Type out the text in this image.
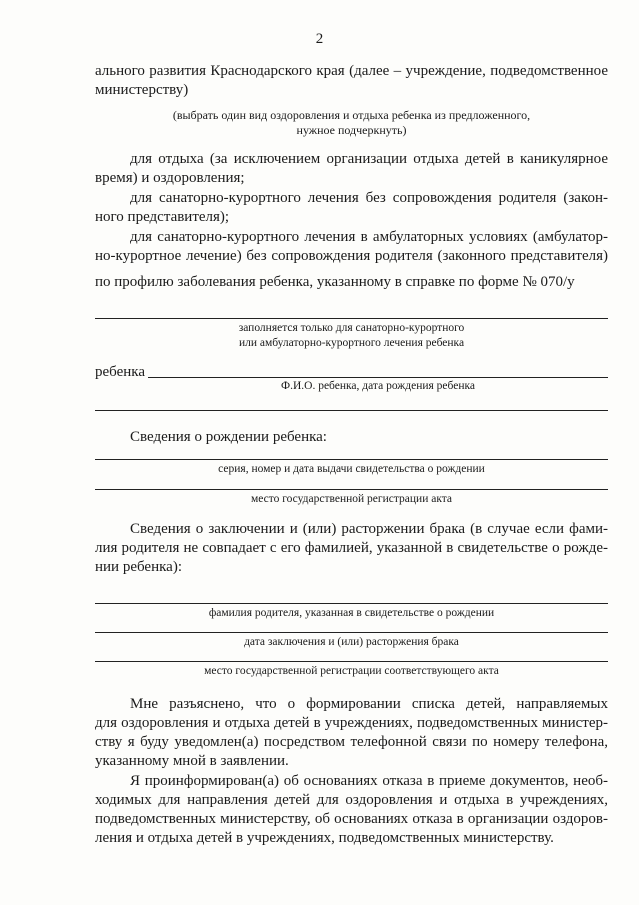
2
ального развития Краснодарского края (далее – учреждение, подведомственное
министерству)
(выбрать один вид оздоровления и отдыха ребенка из предложенного,
нужное подчеркнуть)
для отдыха (за исключением организации отдыха детей в каникулярное
время) и оздоровления;
для санаторно-курортного лечения без сопровождения родителя (закон-
ного представителя);
для санаторно-курортного лечения в амбулаторных условиях (амбулатор-
но-курортное лечение) без сопровождения родителя (законного представителя)
по профилю заболевания ребенка, указанному в справке по форме № 070/у
заполняется только для санаторно-курортного
или амбулаторно-курортного лечения ребенка
ребенка
Ф.И.О. ребенка, дата рождения ребенка
Сведения о рождении ребенка:
серия, номер и дата выдачи свидетельства о рождении
место государственной регистрации акта
Сведения о заключении и (или) расторжении брака (в случае если фами-
лия родителя не совпадает с его фамилией, указанной в свидетельстве о рожде-
нии ребенка):
фамилия родителя, указанная в свидетельстве о рождении
дата заключения и (или) расторжения брака
место государственной регистрации соответствующего акта
Мне разъяснено, что о формировании списка детей, направляемых
для оздоровления и отдыха детей в учреждениях, подведомственных министер-
ству я буду уведомлен(а) посредством телефонной связи по номеру телефона,
указанному мной в заявлении.
Я проинформирован(а) об основаниях отказа в приеме документов, необ-
ходимых для направления детей для оздоровления и отдыха в учреждениях,
подведомственных министерству, об основаниях отказа в организации оздоров-
ления и отдыха детей в учреждениях, подведомственных министерству.
